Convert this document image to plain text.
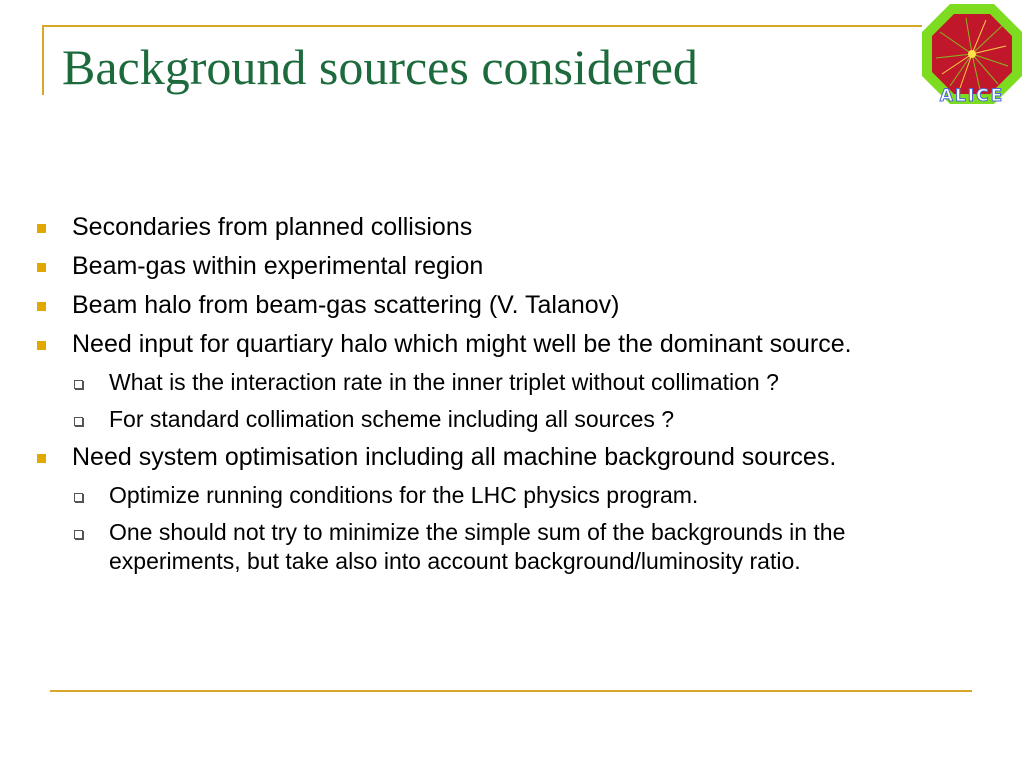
Background sources considered
ALICE
Secondaries from planned collisions
Beam-gas within experimental region
Beam halo from beam-gas scattering (V. Talanov)
Need input for quartiary halo which might well be the dominant source.
What is the interaction rate in the inner triplet without collimation ?
For standard collimation scheme including all sources ?
Need system optimisation including all machine background sources.
Optimize running conditions for the LHC physics program.
One should not try to minimize the simple sum of the backgrounds in the experiments, but take also into account background/luminosity ratio.
